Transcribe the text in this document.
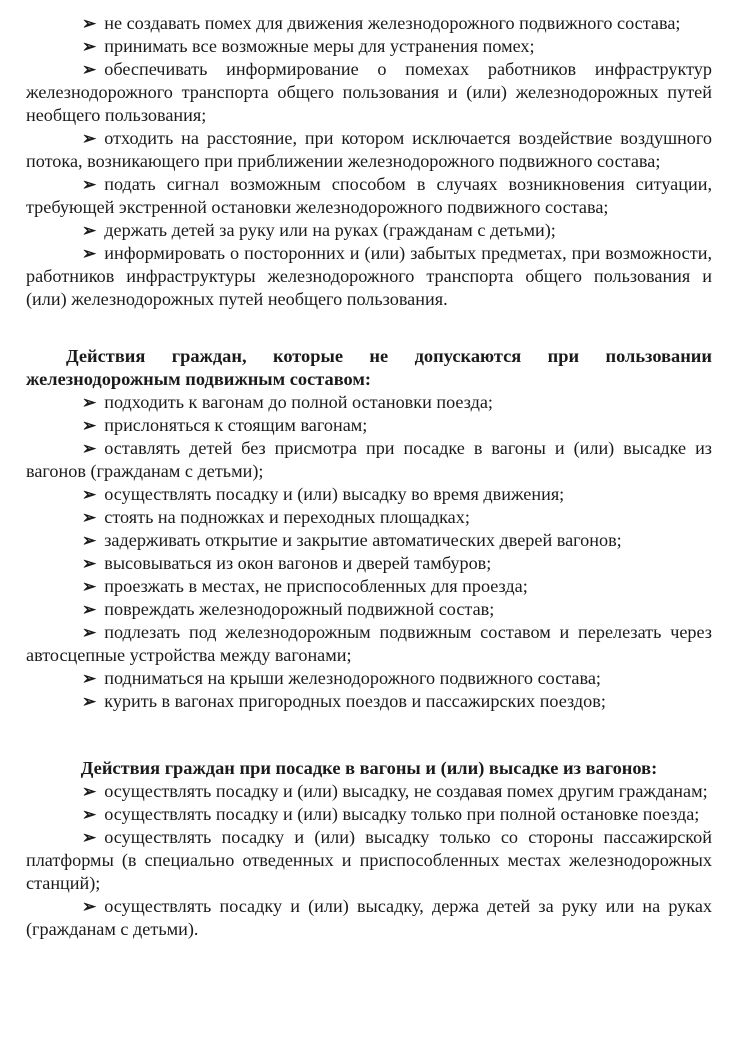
➢ не создавать помех для движения железнодорожного подвижного состава;

➢ принимать все возможные меры для устранения помех;

➢ обеспечивать информирование о помехах работников инфраструктур железнодорожного транспорта общего пользования и (или) железнодорожных путей необщего пользования;

➢ отходить на расстояние, при котором исключается воздействие воздушного потока, возникающего при приближении железнодорожного подвижного состава;

➢ подать сигнал возможным способом в случаях возникновения ситуации, требующей экстренной остановки железнодорожного подвижного состава;

➢ держать детей за руку или на руках (гражданам с детьми);

➢ информировать о посторонних и (или) забытых предметах, при возможности, работников инфраструктуры железнодорожного транспорта общего пользования и (или) железнодорожных путей необщего пользования.

Действия граждан, которые не допускаются при пользовании железнодорожным подвижным составом:

➢ подходить к вагонам до полной остановки поезда;

➢ прислоняться к стоящим вагонам;

➢ оставлять детей без присмотра при посадке в вагоны и (или) высадке из вагонов (гражданам с детьми);

➢ осуществлять посадку и (или) высадку во время движения;

➢ стоять на подножках и переходных площадках;

➢ задерживать открытие и закрытие автоматических дверей вагонов;

➢ высовываться из окон вагонов и дверей тамбуров;

➢ проезжать в местах, не приспособленных для проезда;

➢ повреждать железнодорожный подвижной состав;

➢ подлезать под железнодорожным подвижным составом и перелезать через автосцепные устройства между вагонами;

➢ подниматься на крыши железнодорожного подвижного состава;

➢ курить в вагонах пригородных поездов и пассажирских поездов;

Действия граждан при посадке в вагоны и (или) высадке из вагонов:

➢ осуществлять посадку и (или) высадку, не создавая помех другим гражданам;

➢ осуществлять посадку и (или) высадку только при полной остановке поезда;

➢ осуществлять посадку и (или) высадку только со стороны пассажирской платформы (в специально отведенных и приспособленных местах железнодорожных станций);

➢ осуществлять посадку и (или) высадку, держа детей за руку или на руках (гражданам с детьми).
